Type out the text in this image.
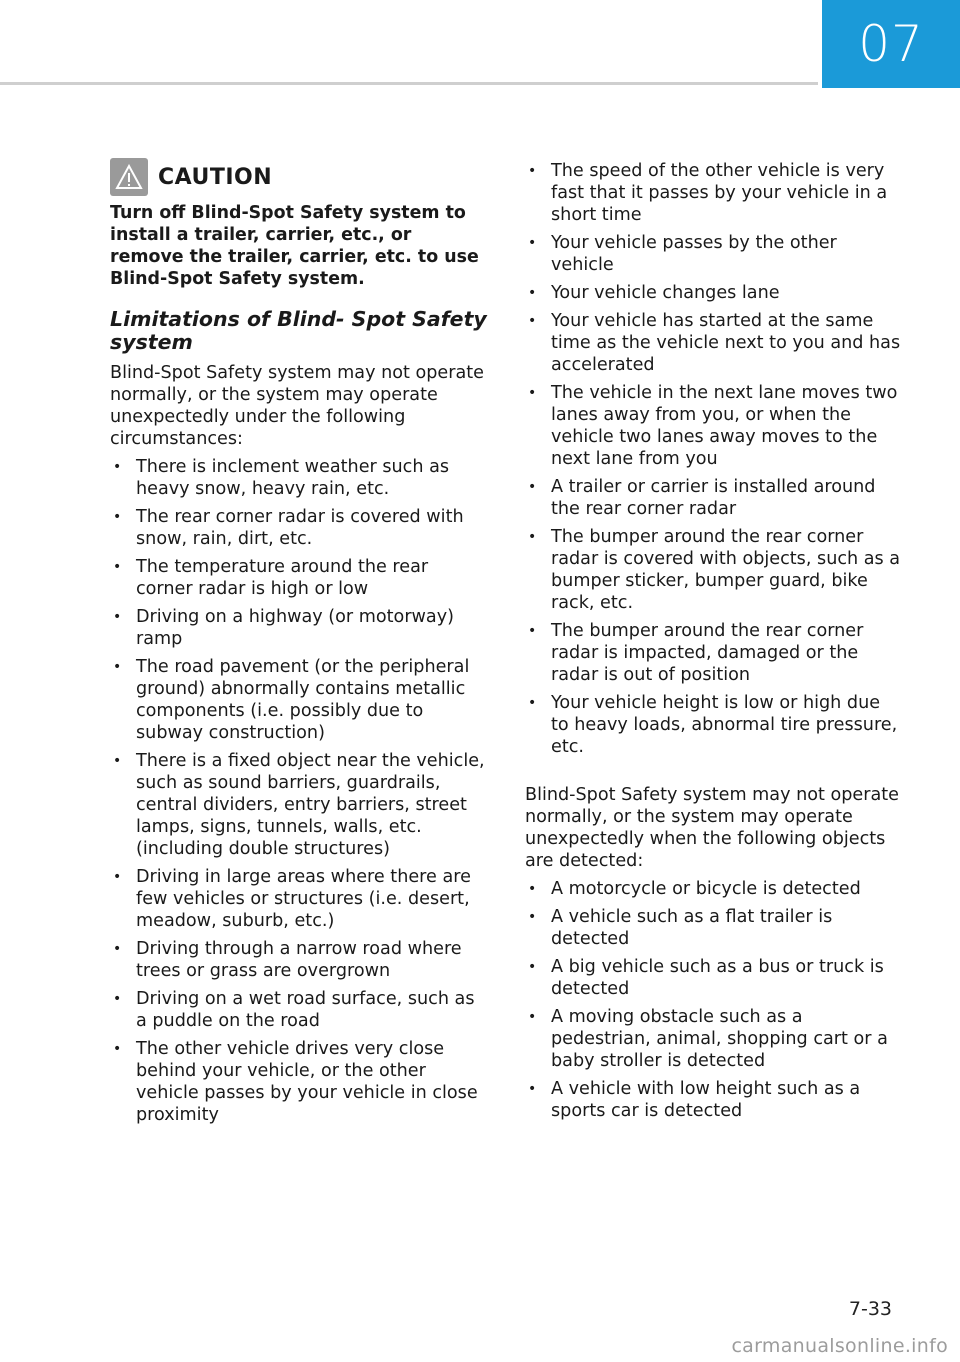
07
CAUTION

Turn off Blind-Spot Safety system to install a trailer, carrier, etc., or remove the trailer, carrier, etc. to use Blind-Spot Safety system.

Limitations of Blind- Spot Safety system

Blind-Spot Safety system may not operate normally, or the system may operate unexpectedly under the following circumstances:

• There is inclement weather such as heavy snow, heavy rain, etc.
• The rear corner radar is covered with snow, rain, dirt, etc.
• The temperature around the rear corner radar is high or low
• Driving on a highway (or motorway) ramp
• The road pavement (or the peripheral ground) abnormally contains metallic components (i.e. possibly due to subway construction)
• There is a fixed object near the vehicle, such as sound barriers, guardrails, central dividers, entry barriers, street lamps, signs, tunnels, walls, etc. (including double structures)
• Driving in large areas where there are few vehicles or structures (i.e. desert, meadow, suburb, etc.)
• Driving through a narrow road where trees or grass are overgrown
• Driving on a wet road surface, such as a puddle on the road
• The other vehicle drives very close behind your vehicle, or the other vehicle passes by your vehicle in close proximity
• The speed of the other vehicle is very fast that it passes by your vehicle in a short time
• Your vehicle passes by the other vehicle
• Your vehicle changes lane
• Your vehicle has started at the same time as the vehicle next to you and has accelerated
• The vehicle in the next lane moves two lanes away from you, or when the vehicle two lanes away moves to the next lane from you
• A trailer or carrier is installed around the rear corner radar
• The bumper around the rear corner radar is covered with objects, such as a bumper sticker, bumper guard, bike rack, etc.
• The bumper around the rear corner radar is impacted, damaged or the radar is out of position
• Your vehicle height is low or high due to heavy loads, abnormal tire pressure, etc.

Blind-Spot Safety system may not operate normally, or the system may operate unexpectedly when the following objects are detected:

• A motorcycle or bicycle is detected
• A vehicle such as a flat trailer is detected
• A big vehicle such as a bus or truck is detected
• A moving obstacle such as a pedestrian, animal, shopping cart or a baby stroller is detected
• A vehicle with low height such as a sports car is detected
7-33
carmanualsonline.info
